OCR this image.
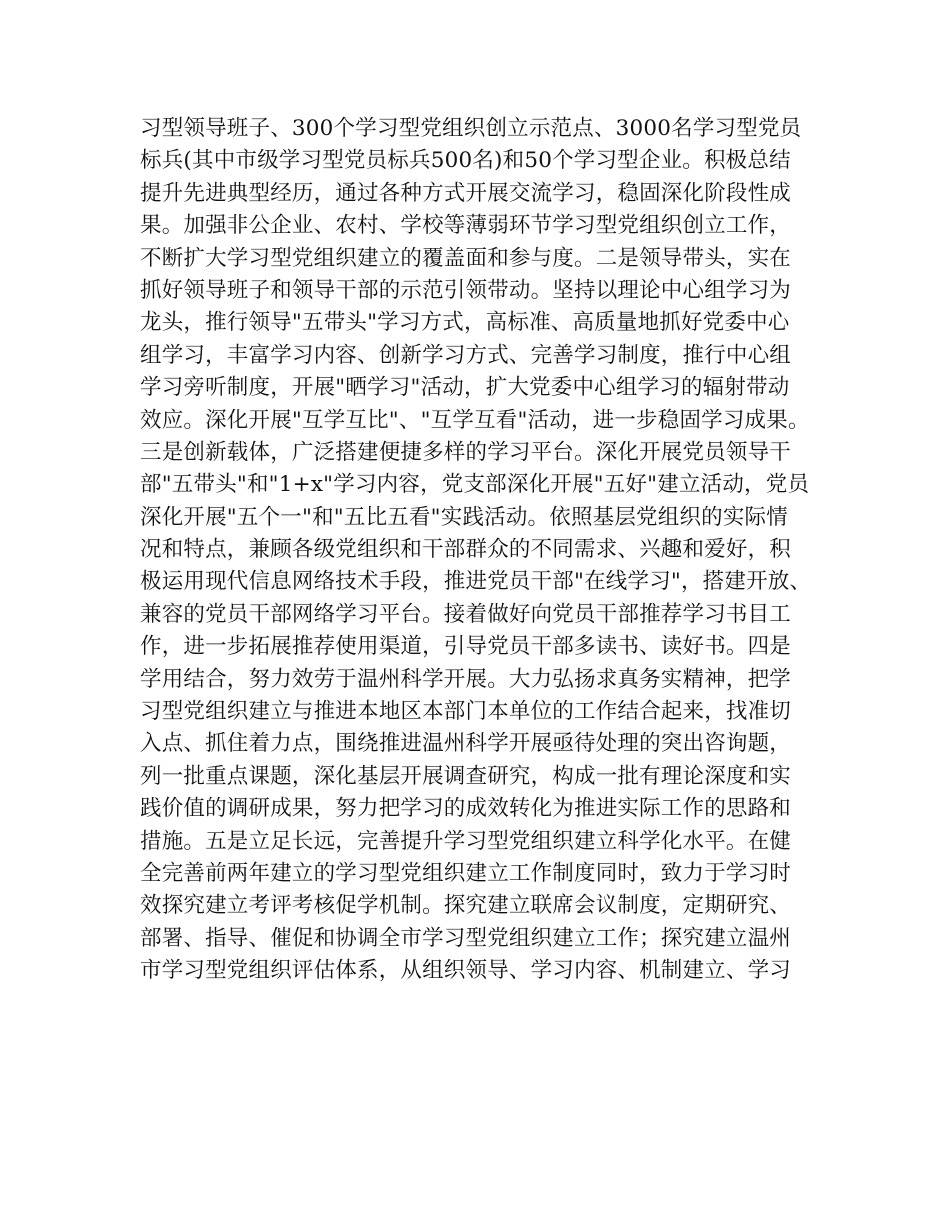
习型领导班子、300个学习型党组织创立示范点、3000名学习型党员
标兵(其中市级学习型党员标兵500名)和50个学习型企业。积极总结
提升先进典型经历，通过各种方式开展交流学习，稳固深化阶段性成
果。加强非公企业、农村、学校等薄弱环节学习型党组织创立工作，
不断扩大学习型党组织建立的覆盖面和参与度。二是领导带头，实在
抓好领导班子和领导干部的示范引领带动。坚持以理论中心组学习为
龙头，推行领导"五带头"学习方式，高标准、高质量地抓好党委中心
组学习，丰富学习内容、创新学习方式、完善学习制度，推行中心组
学习旁听制度，开展"晒学习"活动，扩大党委中心组学习的辐射带动
效应。深化开展"互学互比"、"互学互看"活动，进一步稳固学习成果。
三是创新载体，广泛搭建便捷多样的学习平台。深化开展党员领导干
部"五带头"和"1+x"学习内容，党支部深化开展"五好"建立活动，党员
深化开展"五个一"和"五比五看"实践活动。依照基层党组织的实际情
况和特点，兼顾各级党组织和干部群众的不同需求、兴趣和爱好，积
极运用现代信息网络技术手段，推进党员干部"在线学习"，搭建开放、
兼容的党员干部网络学习平台。接着做好向党员干部推荐学习书目工
作，进一步拓展推荐使用渠道，引导党员干部多读书、读好书。四是
学用结合，努力效劳于温州科学开展。大力弘扬求真务实精神，把学
习型党组织建立与推进本地区本部门本单位的工作结合起来，找准切
入点、抓住着力点，围绕推进温州科学开展亟待处理的突出咨询题，
列一批重点课题，深化基层开展调查研究，构成一批有理论深度和实
践价值的调研成果，努力把学习的成效转化为推进实际工作的思路和
措施。五是立足长远，完善提升学习型党组织建立科学化水平。在健
全完善前两年建立的学习型党组织建立工作制度同时，致力于学习时
效探究建立考评考核促学机制。探究建立联席会议制度，定期研究、
部署、指导、催促和协调全市学习型党组织建立工作；探究建立温州
市学习型党组织评估体系，从组织领导、学习内容、机制建立、学习
